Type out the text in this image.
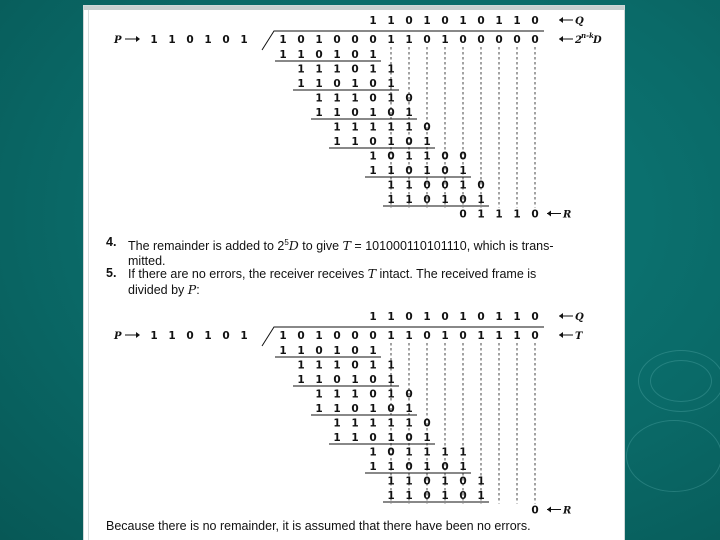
1 1 0 1 0 1 0 1 1 0	Q
P	1 1 0 1 0 1	1 0 1 0 0 0 1 1 0 1 0 0 0 0 0	2 n-k D
1 1 0 1 0 1
1 1 1 0 1 1
1 1 0 1 0 1
1 1 1 0 1 0
1 1 0 1 0 1
1 1 1 1 1 0
1 1 0 1 0 1
1 0 1 1 0 0
1 1 0 1 0 1
1 1 0 0 1 0
1 1 0 1 0 1
0 1 1 1 0 R
4. The remainder is added to $2^5D$ to give T = 101000110101110, which is trans-
mitted.
5. If there are no errors, the receiver receives T intact. The received frame is
divided by P:
1 1 0 1 0 1 0 1 1 0	Q
P	1 1 0 1 0 1	1 0 1 0 0 0 1 1 0 1 0 1 1 1 0	T
1 1 0 1 0 1
1 1 1 0 1 1
1 1 0 1 0 1
1 1 1 0 1 0
1 1 0 1 0 1
1 1 1 1 1 0
1 1 0 1 0 1
1 0 1 1 1 1
1 1 0 1 0 1
1 1 0 1 0 1
1 1 0 1 0 1
0 R
Because there is no remainder, it is assumed that there have been no errors.
